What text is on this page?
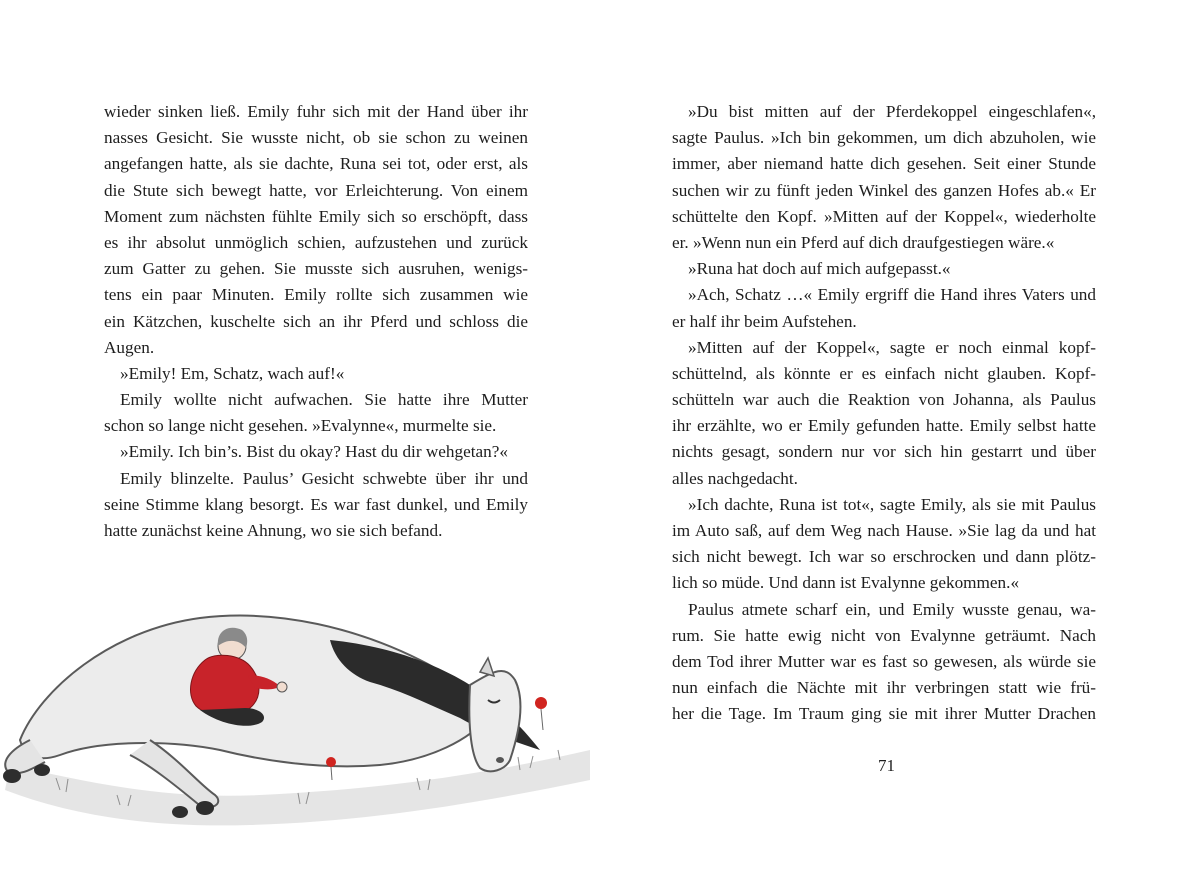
wieder sinken ließ. Emily fuhr sich mit der Hand über ihr
nasses Gesicht. Sie wusste nicht, ob sie schon zu weinen
angefangen hatte, als sie dachte, Runa sei tot, oder erst, als
die Stute sich bewegt hatte, vor Erleichterung. Von einem
Moment zum nächsten fühlte Emily sich so erschöpft, dass
es ihr absolut unmöglich schien, aufzustehen und zurück
zum Gatter zu gehen. Sie musste sich ausruhen, wenigs-
tens ein paar Minuten. Emily rollte sich zusammen wie
ein Kätzchen, kuschelte sich an ihr Pferd und schloss die
Augen.
»Emily! Em, Schatz, wach auf!«
Emily wollte nicht aufwachen. Sie hatte ihre Mutter
schon so lange nicht gesehen. »Evalynne«, murmelte sie.
»Emily. Ich bin’s. Bist du okay? Hast du dir wehgetan?«
Emily blinzelte. Paulus’ Gesicht schwebte über ihr und
seine Stimme klang besorgt. Es war fast dunkel, und Emily
hatte zunächst keine Ahnung, wo sie sich befand.
»Du bist mitten auf der Pferdekoppel eingeschlafen«,
sagte Paulus. »Ich bin gekommen, um dich abzuholen, wie
immer, aber niemand hatte dich gesehen. Seit einer Stunde
suchen wir zu fünft jeden Winkel des ganzen Hofes ab.« Er
schüttelte den Kopf. »Mitten auf der Koppel«, wiederholte
er. »Wenn nun ein Pferd auf dich draufgestiegen wäre.«
»Runa hat doch auf mich aufgepasst.«
»Ach, Schatz …« Emily ergriff die Hand ihres Vaters und
er half ihr beim Aufstehen.
»Mitten auf der Koppel«, sagte er noch einmal kopf-
schüttelnd, als könnte er es einfach nicht glauben. Kopf-
schütteln war auch die Reaktion von Johanna, als Paulus
ihr erzählte, wo er Emily gefunden hatte. Emily selbst hatte
nichts gesagt, sondern nur vor sich hin gestarrt und über
alles nachgedacht.
»Ich dachte, Runa ist tot«, sagte Emily, als sie mit Paulus
im Auto saß, auf dem Weg nach Hause. »Sie lag da und hat
sich nicht bewegt. Ich war so erschrocken und dann plötz-
lich so müde. Und dann ist Evalynne gekommen.«
Paulus atmete scharf ein, und Emily wusste genau, wa-
rum. Sie hatte ewig nicht von Evalynne geträumt. Nach
dem Tod ihrer Mutter war es fast so gewesen, als würde sie
nun einfach die Nächte mit ihr verbringen statt wie frü-
her die Tage. Im Traum ging sie mit ihrer Mutter Drachen
71
